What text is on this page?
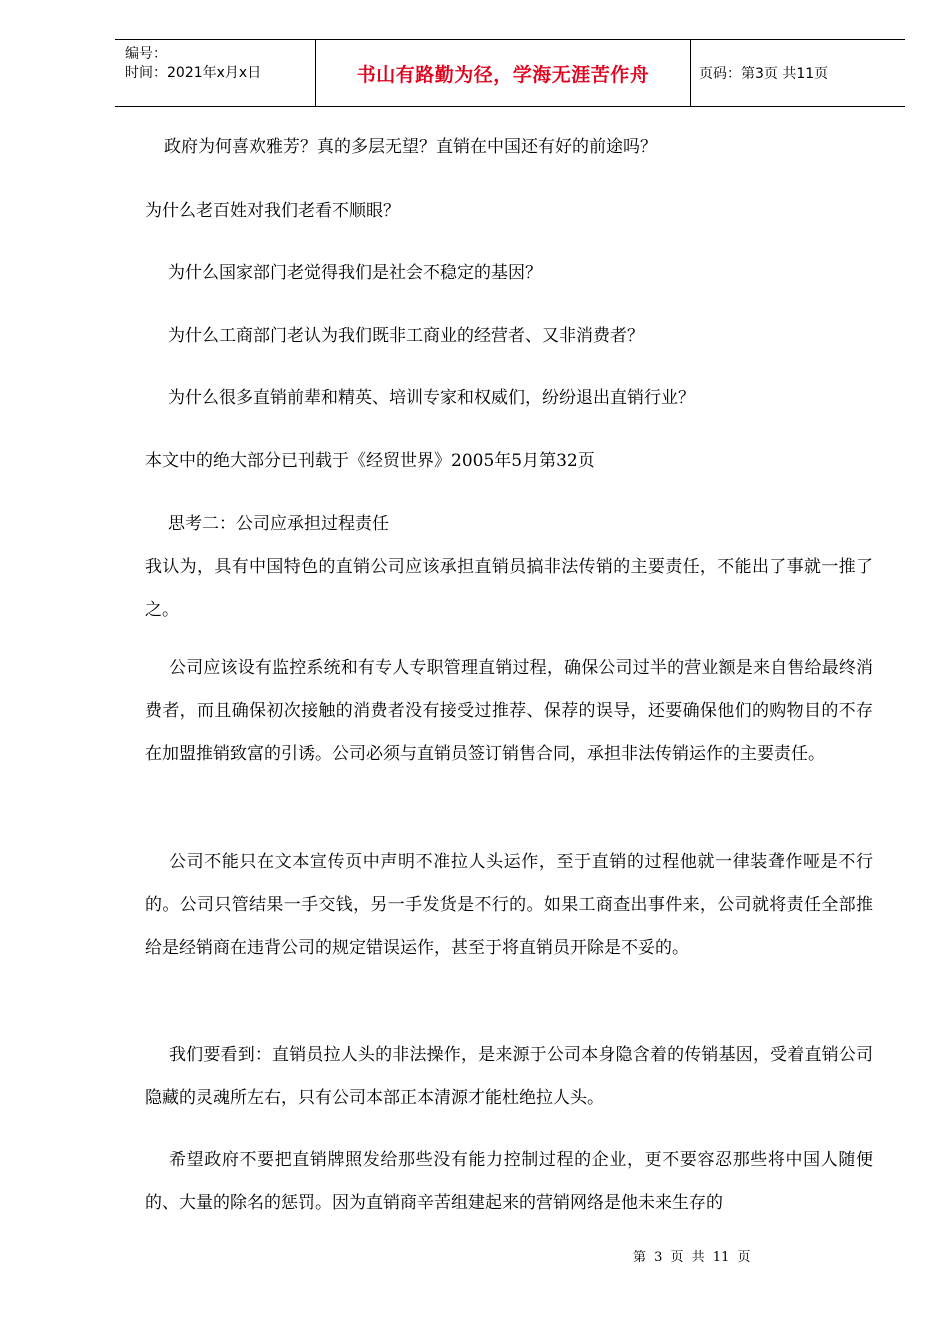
编号：
时间：2021年x月x日	书山有路勤为径，学海无涯苦作舟	页码：第3页 共11页
政府为何喜欢雅芳？真的多层无望？直销在中国还有好的前途吗？
为什么老百姓对我们老看不顺眼？
为什么国家部门老觉得我们是社会不稳定的基因？
为什么工商部门老认为我们既非工商业的经营者、又非消费者？
为什么很多直销前辈和精英、培训专家和权威们，纷纷退出直销行业？
本文中的绝大部分已刊载于《经贸世界》2005年5月第32页
思考二：公司应承担过程责任
我认为，具有中国特色的直销公司应该承担直销员搞非法传销的主要责任，不能出了事就一推了之。
公司应该设有监控系统和有专人专职管理直销过程，确保公司过半的营业额是来自售给最终消费者，而且确保初次接触的消费者没有接受过推荐、保荐的误导，还要确保他们的购物目的不存在加盟推销致富的引诱。公司必须与直销员签订销售合同，承担非法传销运作的主要责任。
公司不能只在文本宣传页中声明不准拉人头运作，至于直销的过程他就一律装聋作哑是不行的。公司只管结果一手交钱，另一手发货是不行的。如果工商查出事件来，公司就将责任全部推给是经销商在违背公司的规定错误运作，甚至于将直销员开除是不妥的。
我们要看到：直销员拉人头的非法操作，是来源于公司本身隐含着的传销基因，受着直销公司隐藏的灵魂所左右，只有公司本部正本清源才能杜绝拉人头。
希望政府不要把直销牌照发给那些没有能力控制过程的企业，更不要容忍那些将中国人随便的、大量的除名的惩罚。因为直销商辛苦组建起来的营销网络是他未来生存的
第 3 页 共 11 页
